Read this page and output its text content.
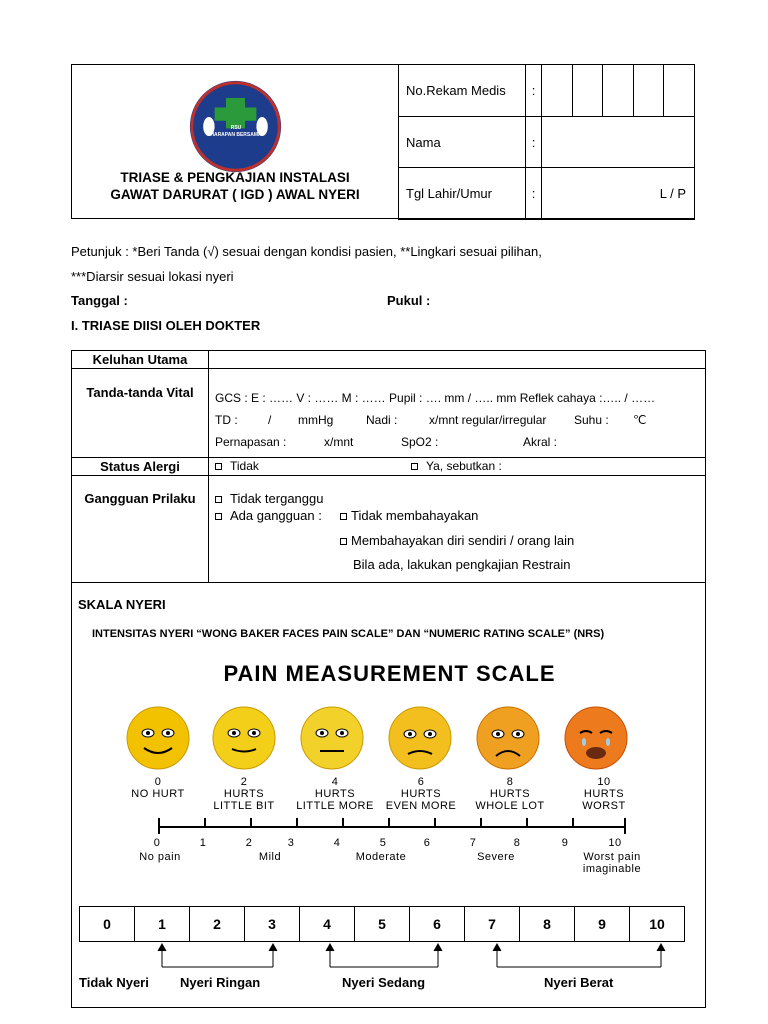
RSU
HARAPAN BERSAMA
TRIASE & PENGKAJIAN INSTALASI
GAWAT DARURAT ( IGD ) AWAL NYERI
No.Rekam Medis	:					
Nama	:					
Tgl Lahir/Umur	:	L / P				
Petunjuk : *Beri Tanda (√) sesuai dengan kondisi pasien, **Lingkari sesuai pilihan,
***Diarsir sesuai lokasi nyeri
Tanggal :	Pukul :
I. TRIASE DIISI OLEH DOKTER
Keluhan Utama
Tanda-tanda Vital	GCS : E : …… V : …… M : …… Pupil : …. mm / ….. mm Reflek cahaya :….. / ……
TD :	/ mmHg	Nadi :	x/mnt regular/irregular Suhu : ℃
Pernapasan :	x/mnt	SpO2 :	Akral :
Status Alergi	Tidak	Ya, sebutkan :
Gangguan Prilaku	Tidak terganggu
Ada gangguan :	Tidak membahayakan
Membahayakan diri sendiri / orang lain
Bila ada, lakukan pengkajian Restrain
SKALA NYERI
INTENSITAS NYERI “WONG BAKER FACES PAIN SCALE” DAN “NUMERIC RATING SCALE” (NRS)
PAIN MEASUREMENT SCALE
0
NO HURT
2
HURTS
LITTLE BIT
4
HURTS
LITTLE MORE
6
HURTS
EVEN MORE
8
HURTS
WHOLE LOT
10
HURTS
WORST
0	1	2	3	4	5	6	7	8	9	10
No pain	Mild	Moderate	Severe	Worst pain
imaginable
0	1	2	3	4	5	6	7	8	9	10
Tidak Nyeri Nyeri Ringan	Nyeri Sedang	Nyeri Berat
